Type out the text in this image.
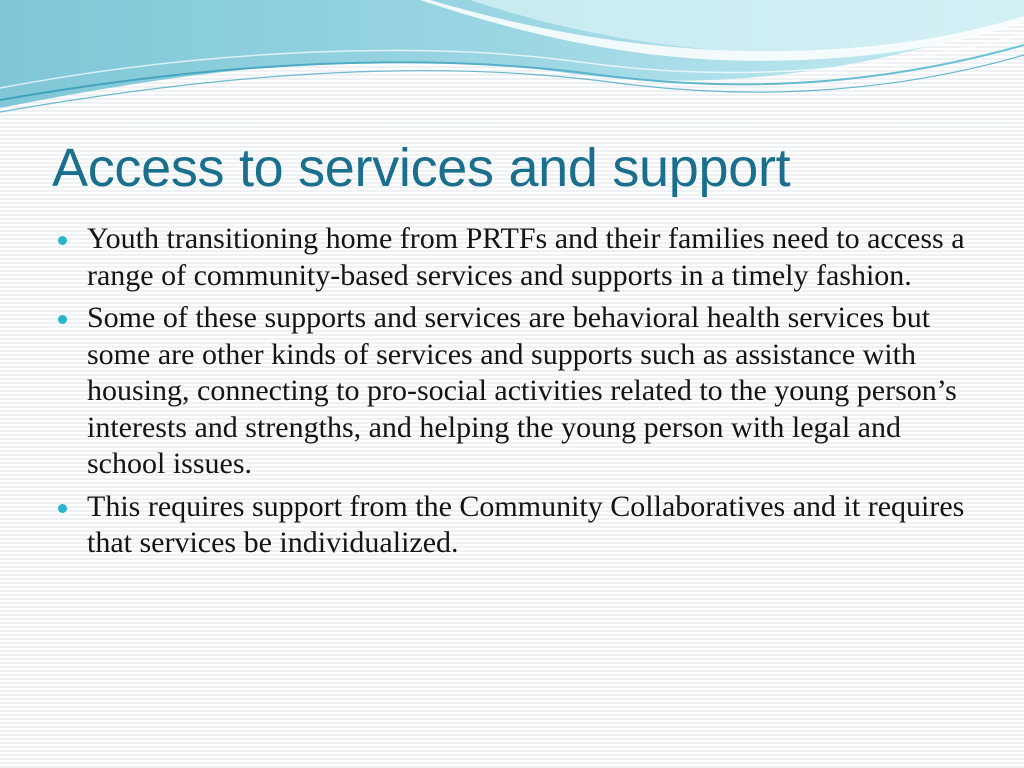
Access to services and support
Youth transitioning home from PRTFs and their families need to access a range of community-based services and supports in a timely fashion.
Some of these supports and services are behavioral health services but some are other kinds of services and supports such as assistance with housing, connecting to pro-social activities related to the young person’s interests and strengths, and helping the young person with legal and school issues.
This requires support from the Community Collaboratives and it requires that services be individualized.
